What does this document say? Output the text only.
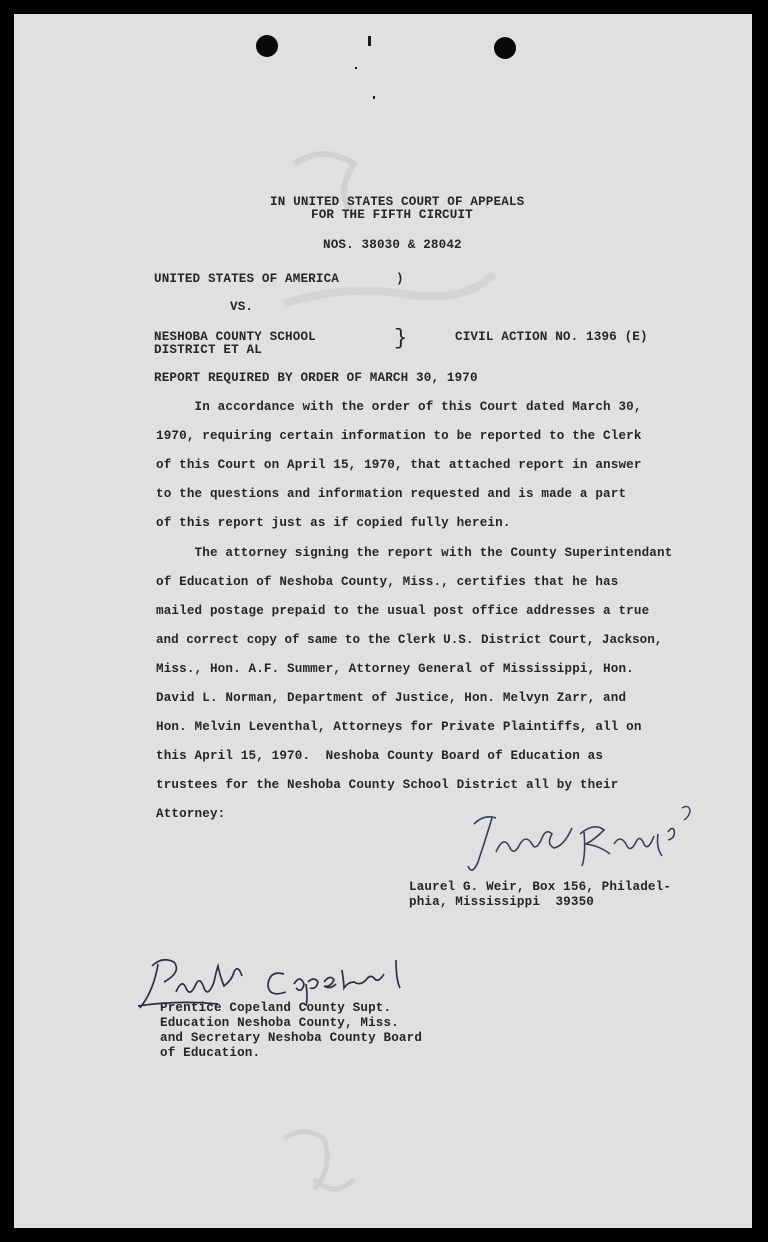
IN UNITED STATES COURT OF APPEALS

FOR THE FIFTH CIRCUIT

NOS. 38030 & 28042

UNITED STATES OF AMERICA	)

VS.

NESHOBA COUNTY SCHOOL

DISTRICT ET AL	}	CIVIL ACTION NO. 1396 (E)

REPORT REQUIRED BY ORDER OF MARCH 30, 1970

In accordance with the order of this Court dated March 30,

1970, requiring certain information to be reported to the Clerk

of this Court on April 15, 1970, that attached report in answer

to the questions and information requested and is made a part

of this report just as if copied fully herein.

The attorney signing the report with the County Superintendant

of Education of Neshoba County, Miss., certifies that he has

mailed postage prepaid to the usual post office addresses a true

and correct copy of same to the Clerk U.S. District Court, Jackson,

Miss., Hon. A.F. Summer, Attorney General of Mississippi, Hon.

David L. Norman, Department of Justice, Hon. Melvyn Zarr, and

Hon. Melvin Leventhal, Attorneys for Private Plaintiffs, all on

this April 15, 1970.  Neshoba County Board of Education as

trustees for the Neshoba County School District all by their

Attorney:

Laurel G. Weir, Box 156, Philadel-

phia, Mississippi  39350

Prentice Copeland County Supt.

Education Neshoba County, Miss.

and Secretary Neshoba County Board

of Education.
